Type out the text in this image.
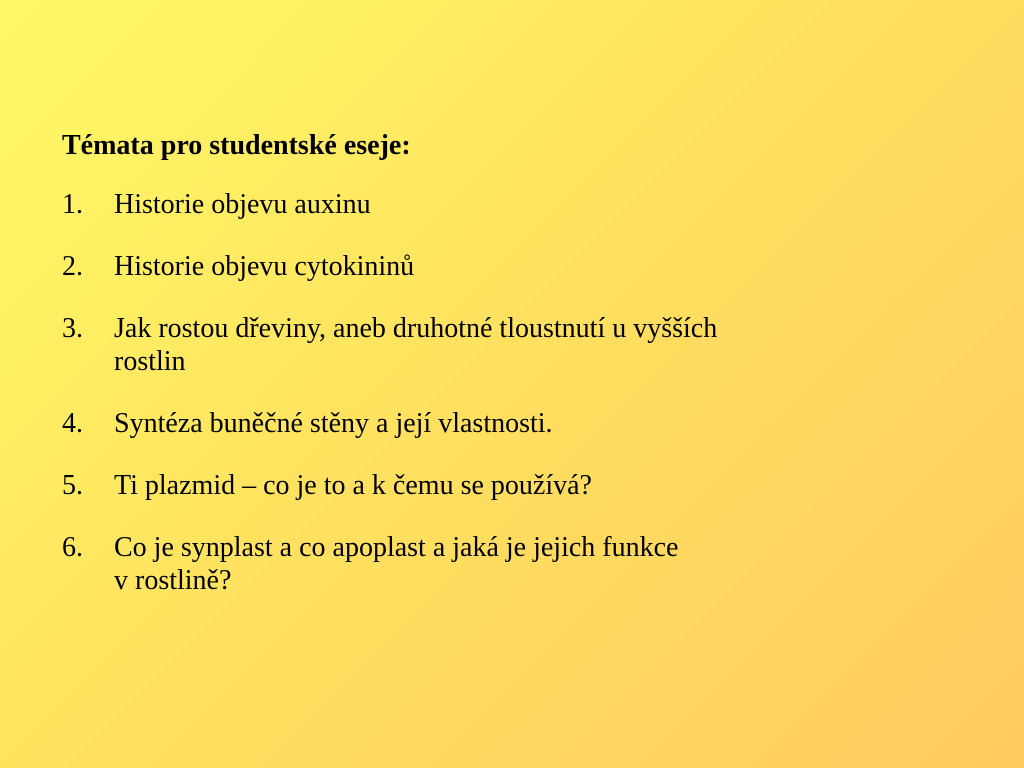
Témata pro studentské eseje:
1.	Historie objevu auxinu
2.	Historie objevu cytokininů
3.	Jak rostou dřeviny, aneb druhotné tloustnutí u vyšších
rostlin
4.	Syntéza buněčné stěny a její vlastnosti.
5.	Ti plazmid – co je to a k čemu se používá?
6.	Co je synplast a co apoplast a jaká je jejich funkce
v rostlině?
